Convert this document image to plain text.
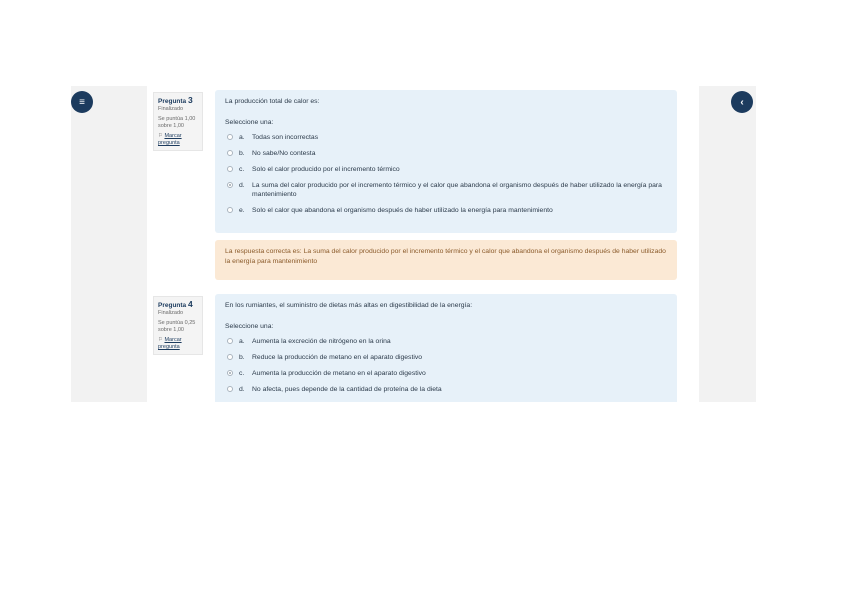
Pregunta 3
Finalizado
Se puntúa 1,00 sobre 1,00
⚐ Marcar pregunta

La producción total de calor es:

Seleccione una:

a.	Todas son incorrectas
b.	No sabe/No contesta
c.	Solo el calor producido por el incremento térmico
d.	La suma del calor producido por el incremento térmico y el calor que abandona el organismo después de haber utilizado la energía para mantenimiento
e.	Solo el calor que abandona el organismo después de haber utilizado la energía para mantenimiento
La respuesta correcta es: La suma del calor producido por el incremento térmico y el calor que abandona el organismo después de haber utilizado la energía para mantenimiento
Pregunta 4
Finalizado
Se puntúa 0,25 sobre 1,00
⚐ Marcar pregunta

En los rumiantes, el suministro de dietas más altas en digestibilidad de la energía:

Seleccione una:

a.	Aumenta la excreción de nitrógeno en la orina
b.	Reduce la producción de metano en el aparato digestivo
c.	Aumenta la producción de metano en el aparato digestivo
d.	No afecta, pues depende de la cantidad de proteína de la dieta
≡	‹
